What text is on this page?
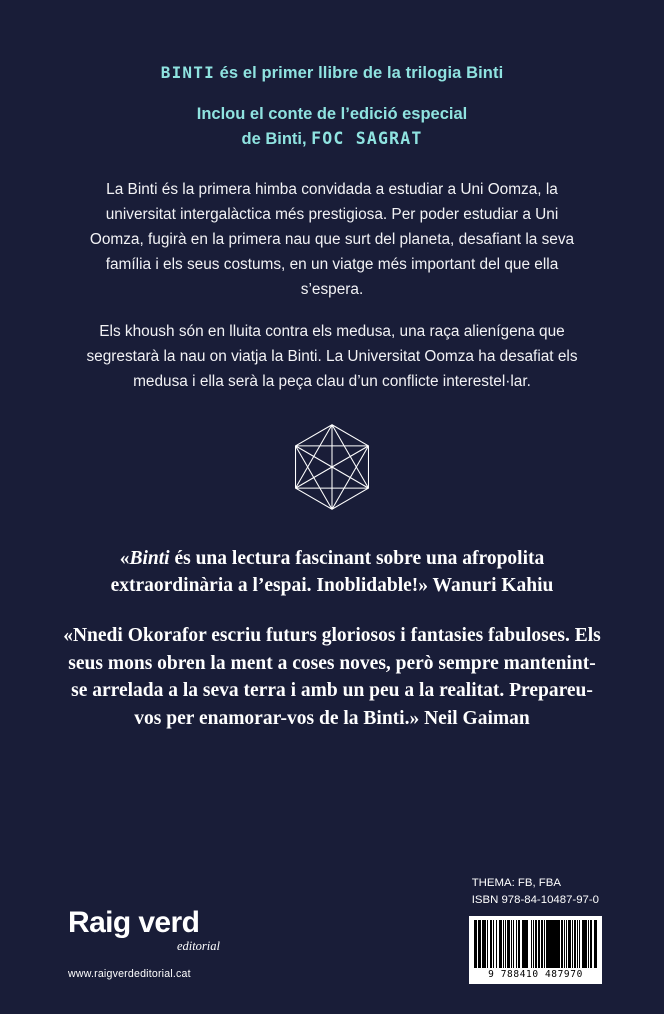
BINTI és el primer llibre de la trilogia Binti
Inclou el conte de l’edició especial
de Binti, FOC SAGRAT

La Binti és la primera himba convidada a estudiar a Uni Oomza, la universitat intergalàctica més prestigiosa. Per poder estudiar a Uni Oomza, fugirà en la primera nau que surt del planeta, desafiant la seva família i els seus costums, en un viatge més important del que ella s’espera.

Els khoush són en lluita contra els medusa, una raça alienígena que segrestarà la nau on viatja la Binti. La Universitat Oomza ha desafiat els medusa i ella serà la peça clau d’un conflicte interestel·lar.

«Binti és una lectura fascinant sobre una afropolita extraordinària a l’espai. Inoblidable!» Wanuri Kahiu
«Nnedi Okorafor escriu futurs gloriosos i fantasies fabuloses. Els seus mons obren la ment a coses noves, però sempre mantenint-se arrelada a la seva terra i amb un peu a la realitat. Prepareu-vos per enamorar-vos de la Binti.» Neil Gaiman
Raig verd
editorial
www.raigverdeditorial.cat
THEMA: FB, FBA
ISBN 978-84-10487-97-0
9 788410 487970
